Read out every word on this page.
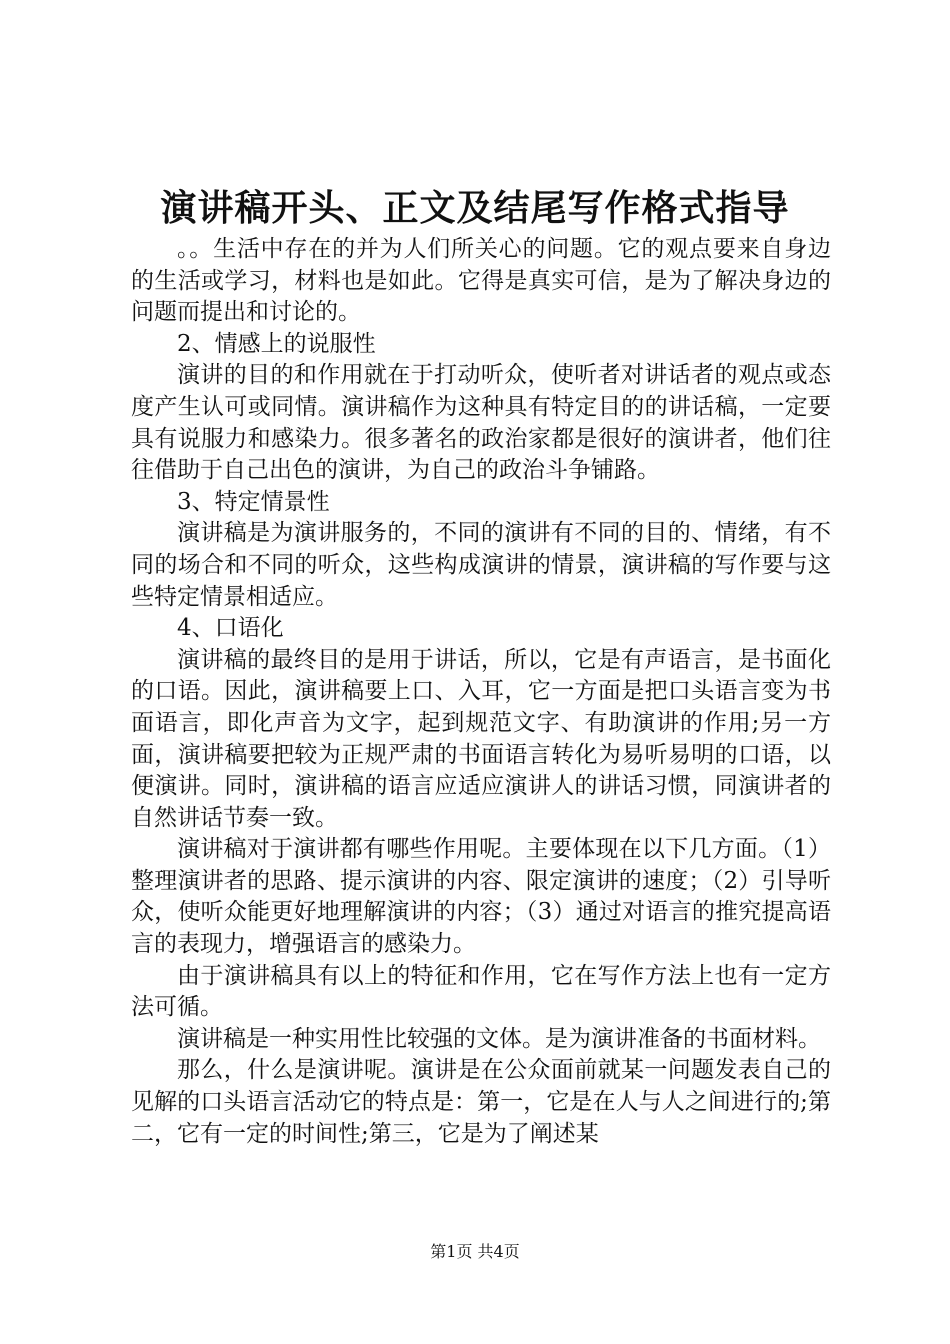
演讲稿开头、正文及结尾写作格式指导

。。生活中存在的并为人们所关心的问题。它的观点要来自身边的生活或学习，材料也是如此。它得是真实可信，是为了解决身边的问题而提出和讨论的。

2、情感上的说服性

演讲的目的和作用就在于打动听众，使听者对讲话者的观点或态度产生认可或同情。演讲稿作为这种具有特定目的的讲话稿，一定要具有说服力和感染力。很多著名的政治家都是很好的演讲者，他们往往借助于自己出色的演讲，为自己的政治斗争铺路。

3、特定情景性

演讲稿是为演讲服务的，不同的演讲有不同的目的、情绪，有不同的场合和不同的听众，这些构成演讲的情景，演讲稿的写作要与这些特定情景相适应。

4、口语化

演讲稿的最终目的是用于讲话，所以，它是有声语言，是书面化的口语。因此，演讲稿要上口、入耳，它一方面是把口头语言变为书面语言，即化声音为文字，起到规范文字、有助演讲的作用;另一方面，演讲稿要把较为正规严肃的书面语言转化为易听易明的口语，以便演讲。同时，演讲稿的语言应适应演讲人的讲话习惯，同演讲者的自然讲话节奏一致。

演讲稿对于演讲都有哪些作用呢。主要体现在以下几方面。（1）整理演讲者的思路、提示演讲的内容、限定演讲的速度；（2）引导听众，使听众能更好地理解演讲的内容；（3）通过对语言的推究提高语言的表现力，增强语言的感染力。

由于演讲稿具有以上的特征和作用，它在写作方法上也有一定方法可循。

演讲稿是一种实用性比较强的文体。是为演讲准备的书面材料。

那么，什么是演讲呢。演讲是在公众面前就某一问题发表自己的见解的口头语言活动它的特点是：第一，它是在人与人之间进行的;第二，它有一定的时间性;第三，它是为了阐述某

第1页 共4页
